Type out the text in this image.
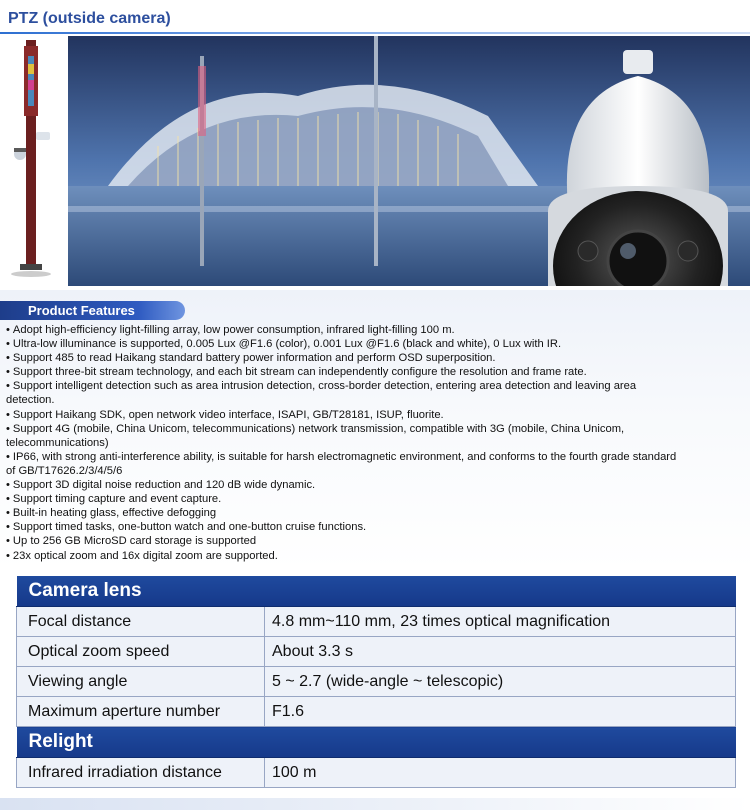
PTZ (outside camera)
Product Features
• Adopt high-efficiency light-filling array, low power consumption, infrared light-filling 100 m.
• Ultra-low illuminance is supported, 0.005 Lux @F1.6 (color), 0.001 Lux @F1.6 (black and white), 0 Lux with IR.
• Support 485 to read Haikang standard battery power information and perform OSD superposition.
• Support three-bit stream technology, and each bit stream can independently configure the resolution and frame rate.
• Support intelligent detection such as area intrusion detection, cross-border detection, entering area detection and leaving area detection.
• Support Haikang SDK, open network video interface, ISAPI, GB/T28181, ISUP, fluorite.
• Support 4G (mobile, China Unicom, telecommunications) network transmission, compatible with 3G (mobile, China Unicom, telecommunications)
• IP66, with strong anti-interference ability, is suitable for harsh electromagnetic environment, and conforms to the fourth grade standard of GB/T17626.2/3/4/5/6
• Support 3D digital noise reduction and 120 dB wide dynamic.
• Support timing capture and event capture.
• Built-in heating glass, effective defogging
• Support timed tasks, one-button watch and one-button cruise functions.
• Up to 256 GB MicroSD card storage is supported
• 23x optical zoom and 16x digital zoom are supported.
Camera lens	
Focal distance	4.8 mm~110 mm, 23 times optical magnification
Optical zoom speed	About 3.3 s
Viewing angle	5 ~ 2.7 (wide-angle ~ telescopic)
Maximum aperture number	F1.6
Relight	
Infrared irradiation distance	100 m
